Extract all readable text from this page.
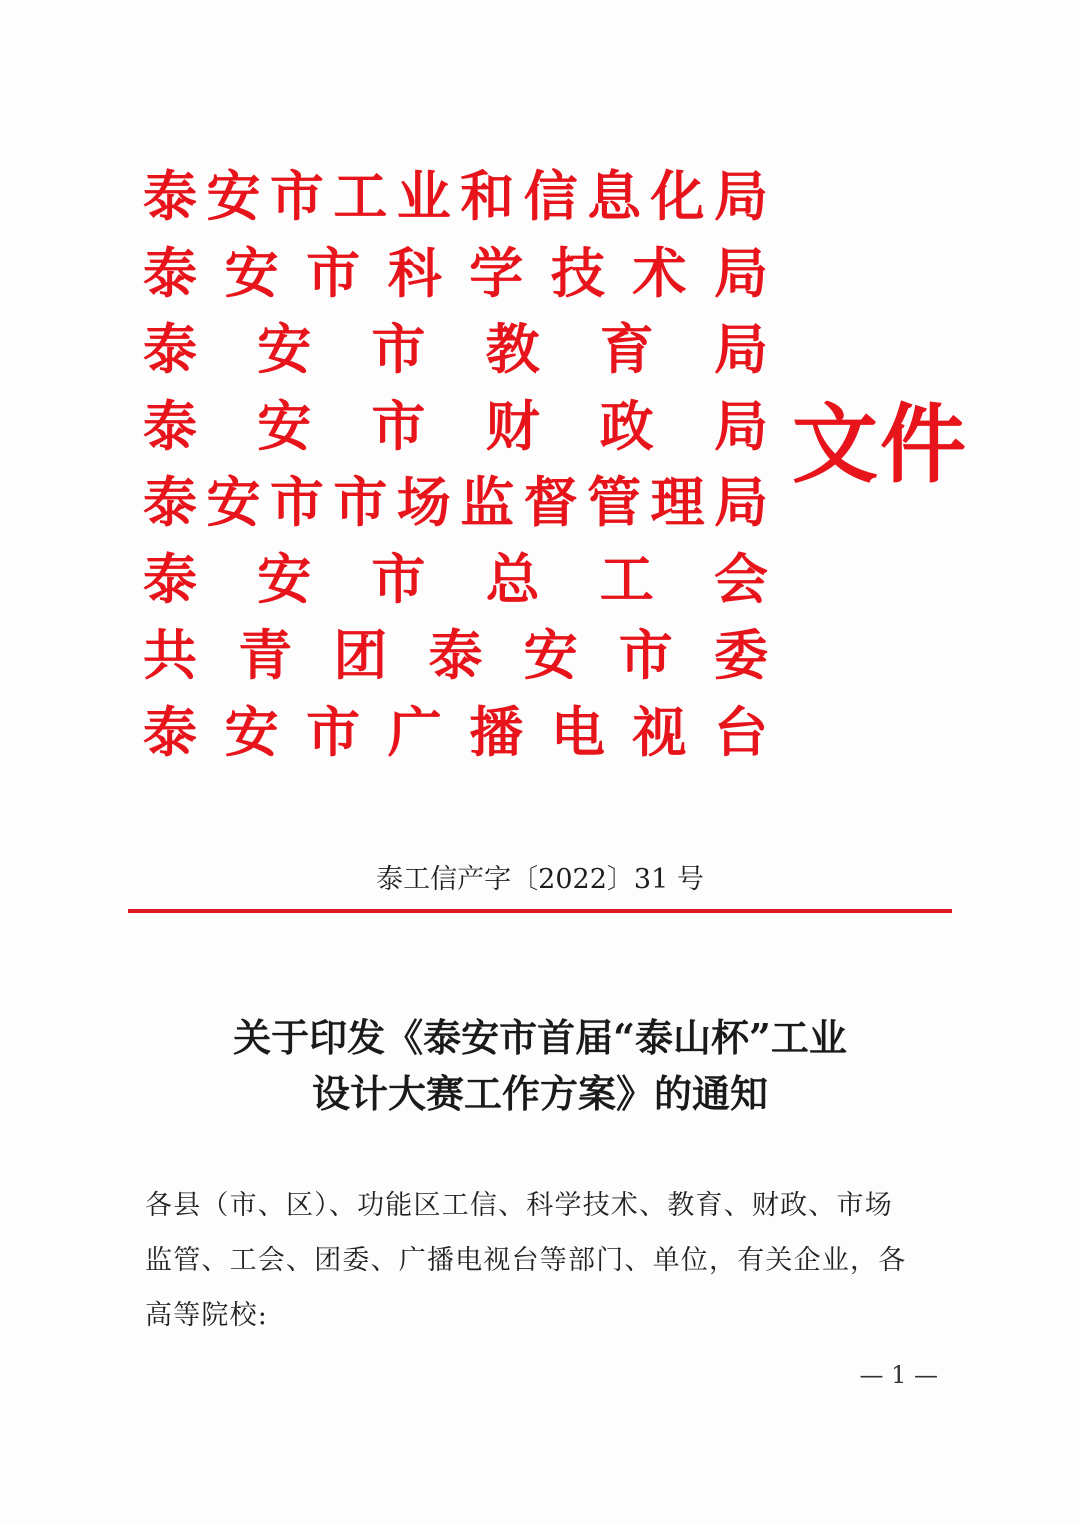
泰 安 市 工 业 和 信 息 化 局
泰 安 市 科 学 技 术 局
泰 安 市 教 育 局
泰 安 市 财 政 局
泰 安 市 市 场 监 督 管 理 局
泰 安 市 总 工 会
共 青 团 泰 安 市 委
泰 安 市 广 播 电 视 台
文件
泰工信产字〔2022〕31 号
关于印发《泰安市首届“泰山杯”工业
设计大赛工作方案》的通知
各县（市、区）、功能区工信、科学技术、教育、财政、市场
监管、工会、团委、广播电视台等部门、单位，有关企业，各
高等院校:
— 1 —
